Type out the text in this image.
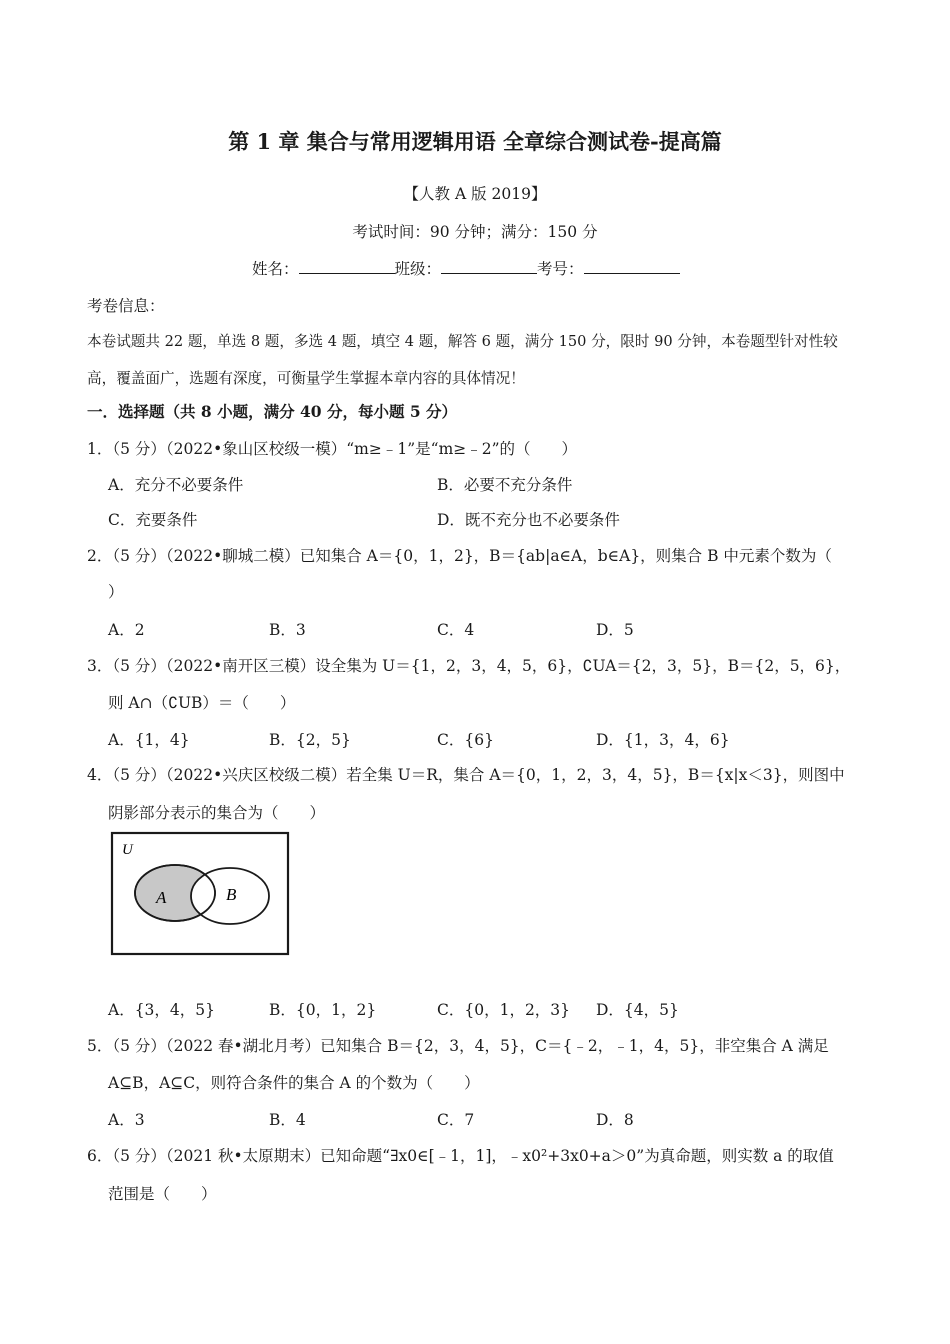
第 1 章 集合与常用逻辑用语 全章综合测试卷-提高篇
【人教 A 版 2019】
考试时间：90 分钟；满分：150 分
姓名：	班级：	考号：
考卷信息：
本卷试题共 22 题，单选 8 题，多选 4 题，填空 4 题，解答 6 题，满分 150 分，限时 90 分钟，本卷题型针对性较
高，覆盖面广，选题有深度，可衡量学生掌握本章内容的具体情况！
一．选择题（共 8 小题，满分 40 分，每小题 5 分）
1．（5 分）（2022•象山区校级一模）“m≥﹣1”是“m≥﹣2”的（　　）
A．充分不必要条件	B．必要不充分条件
C．充要条件	D．既不充分也不必要条件
2．（5 分）（2022•聊城二模）已知集合 A＝{0，1，2}，B＝{ab|a∈A，b∈A}，则集合 B 中元素个数为（
）
A．2	B．3	C．4	D．5
3．（5 分）（2022•南开区三模）设全集为 U＝{1，2，3，4，5，6}，∁UA＝{2，3，5}，B＝{2，5，6}，
则 A∩（∁UB）＝（　　）
A．{1，4}	B．{2，5}	C．{6}	D．{1，3，4，6}
4．（5 分）（2022•兴庆区校级二模）若全集 U＝R，集合 A＝{0，1，2，3，4，5}，B＝{x|x＜3}，则图中
阴影部分表示的集合为（　　）
U
A	B
A．{3，4，5}	B．{0，1，2}	C．{0，1，2，3} D．{4，5}
5．（5 分）（2022 春•湖北月考）已知集合 B＝{2，3，4，5}，C＝{﹣2，﹣1，4，5}，非空集合 A 满足
A⊆B，A⊆C，则符合条件的集合 A 的个数为（　　）
A．3	B．4	C．7	D．8
6．（5 分）（2021 秋•太原期末）已知命题“∃x0∈[﹣1，1]，﹣x0²+3x0+a＞0”为真命题，则实数 a 的取值
范围是（　　）
